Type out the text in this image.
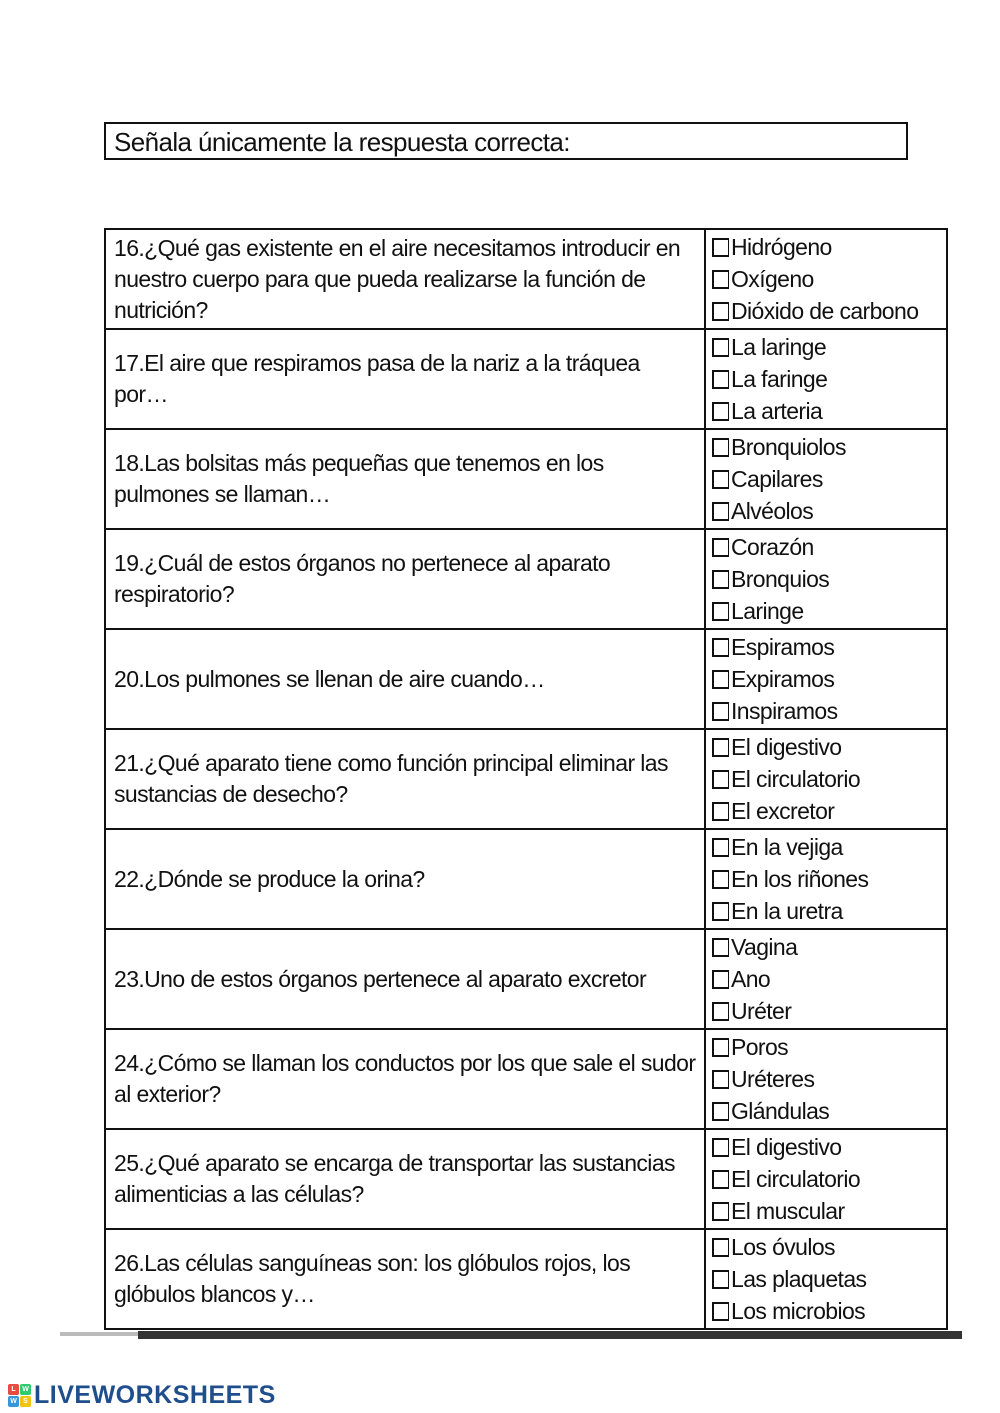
Señala únicamente la respuesta correcta:
16.¿Qué gas existente en el aire necesitamos introducir en nuestro cuerpo para que pueda realizarse la función de nutrición?	Hidrógeno
Oxígeno
Dióxido de carbono

17.El aire que respiramos pasa de la nariz a la tráquea por…	La laringe
La faringe
La arteria

18.Las bolsitas más pequeñas que tenemos en los pulmones se llaman…	Bronquiolos
Capilares
Alvéolos

19.¿Cuál de estos órganos no pertenece al aparato respiratorio?	Corazón
Bronquios
Laringe

20.Los pulmones se llenan de aire cuando…	Espiramos
Expiramos
Inspiramos

21.¿Qué aparato tiene como función principal eliminar las sustancias de desecho?	El digestivo
El circulatorio
El excretor

22.¿Dónde se produce la orina?	En la vejiga
En los riñones
En la uretra

23.Uno de estos órganos pertenece al aparato excretor	Vagina
Ano
Uréter

24.¿Cómo se llaman los conductos por los que sale el sudor al exterior?	Poros
Uréteres
Glándulas

25.¿Qué aparato se encarga de transportar las sustancias alimenticias a las células?	El digestivo
El circulatorio
El muscular

26.Las células sanguíneas son: los glóbulos rojos, los glóbulos blancos y…	Los óvulos
Las plaquetas
Los microbios
L W
W S LIVEWORKSHEETS
